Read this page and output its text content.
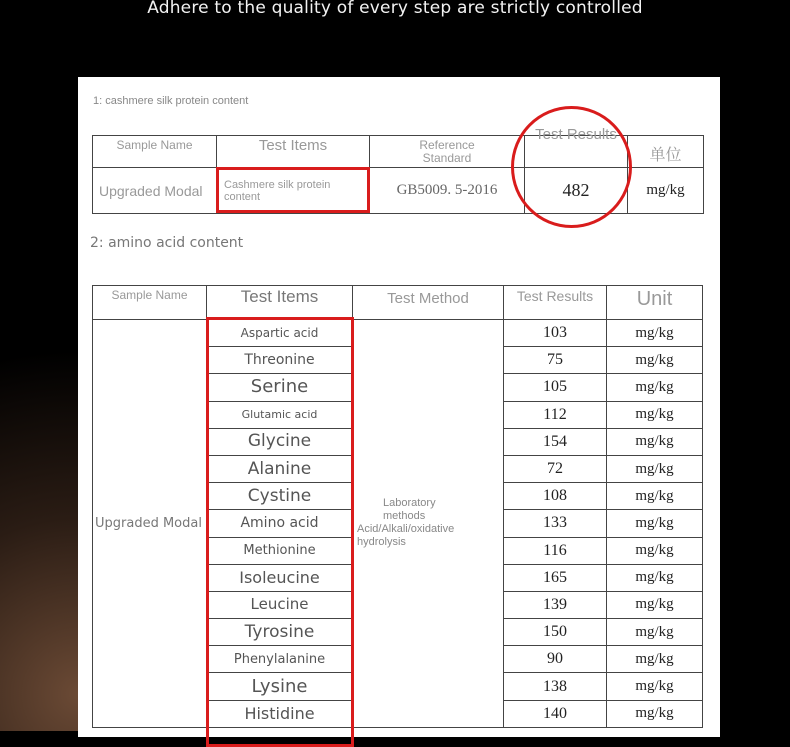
Adhere to the quality of every step are strictly controlled
1: cashmere silk protein content
Sample Name	Test Items	Reference Standard	Test Results	单位

Upgraded Modal	Cashmere silk protein content	GB5009. 5-2016	482	mg/kg
2: amino acid content
Sample Name	Test Items	Test Method	Test Results	Unit

Upgraded Modal	Aspartic acid	Laboratory methods
Acid/Alkali/oxidative hydrolysis	103	mg/kg

	Threonine		75	mg/kg

	Serine		105	mg/kg

	Glutamic acid		112	mg/kg

	Glycine		154	mg/kg

	Alanine		72	mg/kg

	Cystine		108	mg/kg

	Amino acid		133	mg/kg

	Methionine		116	mg/kg

	Isoleucine		165	mg/kg

	Leucine		139	mg/kg

	Tyrosine		150	mg/kg

	Phenylalanine		90	mg/kg

	Lysine		138	mg/kg

	Histidine		140	mg/kg
